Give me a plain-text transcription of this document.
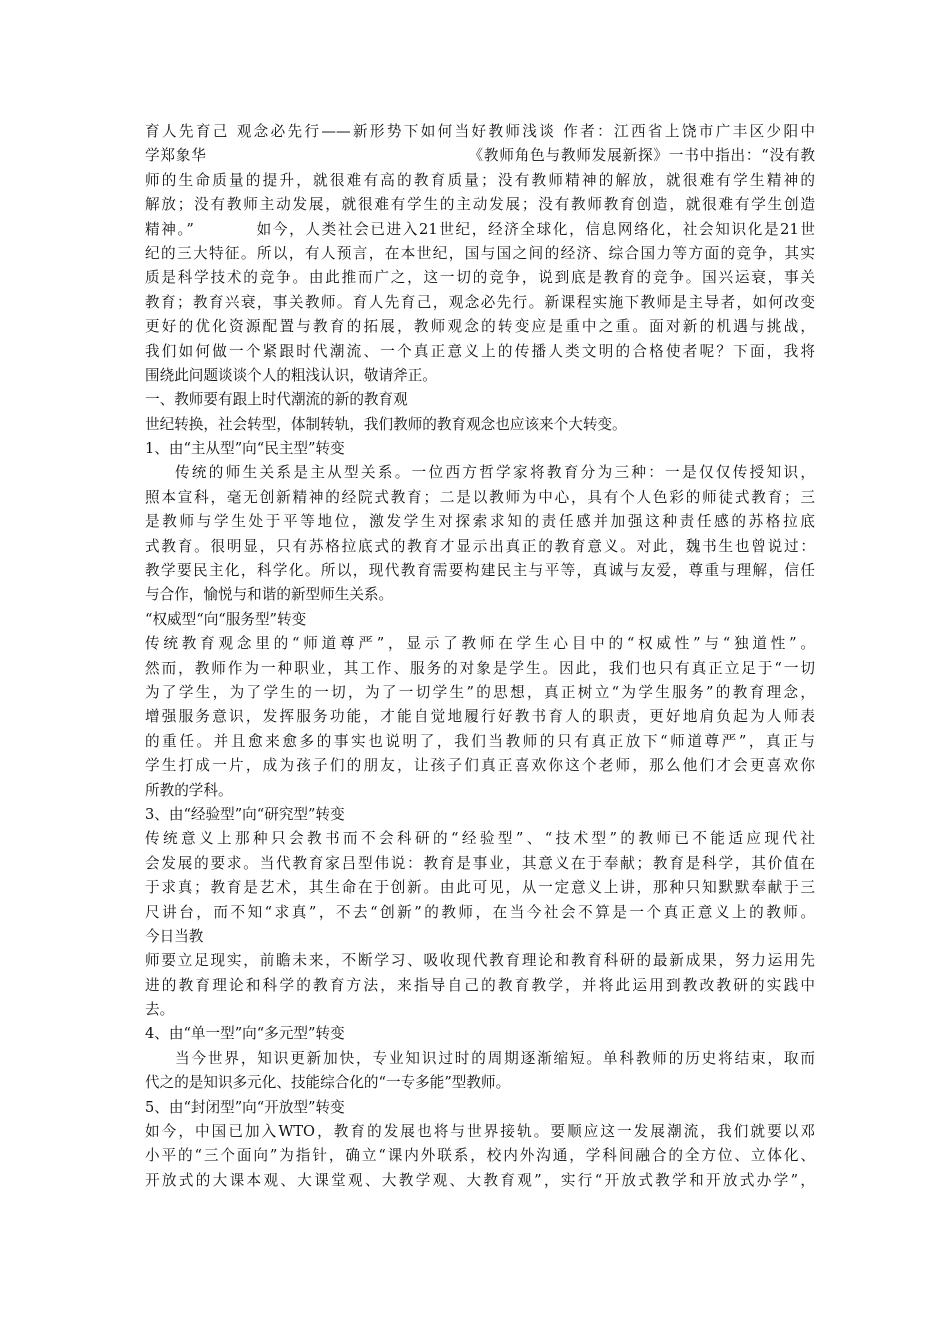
育人先育己 观念必先行——新形势下如何当好教师浅谈 作者：江西省上饶市广丰区少阳中
学郑象华                                                《教师角色与教师发展新探》一书中指出：“没有教
师的生命质量的提升，就很难有高的教育质量；没有教师精神的解放，就很难有学生精神的
解放；没有教师主动发展，就很难有学生的主动发展；没有教师教育创造，就很难有学生创造
精神。”          如今，人类社会已进入21世纪，经济全球化，信息网络化，社会知识化是21世
纪的三大特征。所以，有人预言，在本世纪，国与国之间的经济、综合国力等方面的竞争，其实
质是科学技术的竞争。由此推而广之，这一切的竞争，说到底是教育的竞争。国兴运衰，事关
教育；教育兴衰，事关教师。育人先育己，观念必先行。新课程实施下教师是主导者，如何改变
更好的优化资源配置与教育的拓展，教师观念的转变应是重中之重。面对新的机遇与挑战，
我们如何做一个紧跟时代潮流、一个真正意义上的传播人类文明的合格使者呢？下面，我将
围绕此问题谈谈个人的粗浅认识，敬请斧正。
一、教师要有跟上时代潮流的新的教育观
世纪转换，社会转型，体制转轨，我们教师的教育观念也应该来个大转变。
1、由“主从型”向“民主型”转变
传统的师生关系是主从型关系。一位西方哲学家将教育分为三种：一是仅仅传授知识，
照本宣科，毫无创新精神的经院式教育；二是以教师为中心，具有个人色彩的师徒式教育；三
是教师与学生处于平等地位，激发学生对探索求知的责任感并加强这种责任感的苏格拉底
式教育。很明显，只有苏格拉底式的教育才显示出真正的教育意义。对此，魏书生也曾说过：
教学要民主化，科学化。所以，现代教育需要构建民主与平等，真诚与友爱，尊重与理解，信任
与合作，愉悦与和谐的新型师生关系。
“权威型“向“服务型”转变
传统教育观念里的“师道尊严”，显示了教师在学生心目中的“权威性”与“独道性”。
然而，教师作为一种职业，其工作、服务的对象是学生。因此，我们也只有真正立足于“一切
为了学生，为了学生的一切，为了一切学生”的思想，真正树立“为学生服务”的教育理念，
增强服务意识，发挥服务功能，才能自觉地履行好教书育人的职责，更好地肩负起为人师表
的重任。并且愈来愈多的事实也说明了，我们当教师的只有真正放下“师道尊严”，真正与
学生打成一片，成为孩子们的朋友，让孩子们真正喜欢你这个老师，那么他们才会更喜欢你
所教的学科。
3、由“经验型”向“研究型”转变
传统意义上那种只会教书而不会科研的“经验型”、“技术型”的教师已不能适应现代社
会发展的要求。当代教育家吕型伟说：教育是事业，其意义在于奉献；教育是科学，其价值在
于求真；教育是艺术，其生命在于创新。由此可见，从一定意义上讲，那种只知默默奉献于三
尺讲台，而不知“求真”，不去“创新”的教师，在当今社会不算是一个真正意义上的教师。
今日当教
师要立足现实，前瞻未来，不断学习、吸收现代教育理论和教育科研的最新成果，努力运用先
进的教育理论和科学的教育方法，来指导自己的教育教学，并将此运用到教改教研的实践中
去。
4、由“单一型”向“多元型”转变
当今世界，知识更新加快，专业知识过时的周期逐渐缩短。单科教师的历史将结束，取而
代之的是知识多元化、技能综合化的“一专多能”型教师。
5、由“封闭型”向“开放型”转变
如今，中国已加入WTO，教育的发展也将与世界接轨。要顺应这一发展潮流，我们就要以邓
小平的“三个面向”为指针，确立“课内外联系，校内外沟通，学科间融合的全方位、立体化、
开放式的大课本观、大课堂观、大教学观、大教育观”，实行“开放式教学和开放式办学”，
